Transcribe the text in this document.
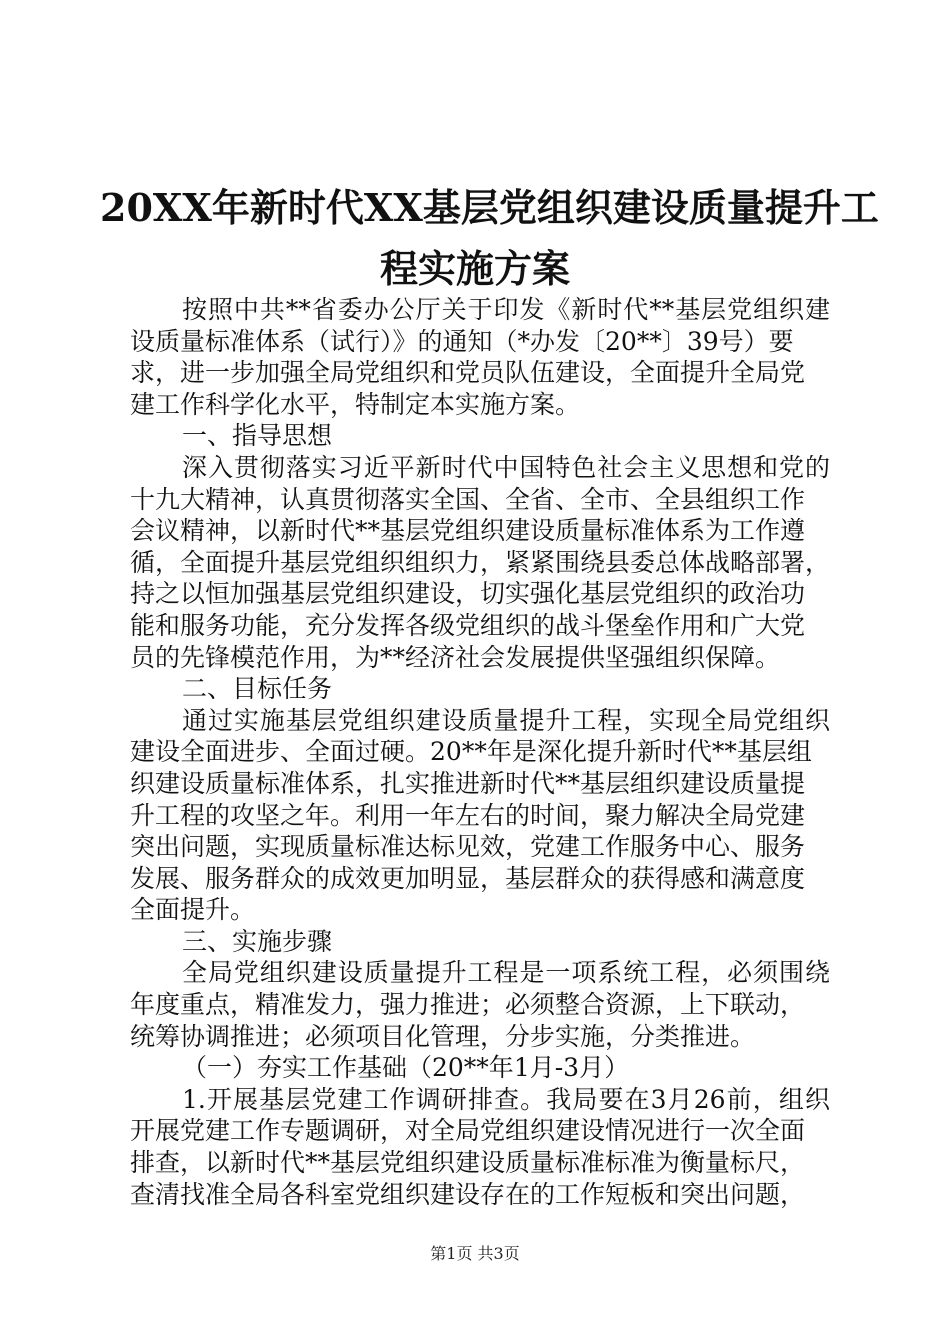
20XX年新时代XX基层党组织建设质量提升工
程实施方案
按照中共**省委办公厅关于印发《新时代**基层党组织建
设质量标准体系（试行）》的通知（*办发〔20**〕39号）要
求，进一步加强全局党组织和党员队伍建设，全面提升全局党
建工作科学化水平，特制定本实施方案。
一、指导思想
深入贯彻落实习近平新时代中国特色社会主义思想和党的
十九大精神，认真贯彻落实全国、全省、全市、全县组织工作
会议精神，以新时代**基层党组织建设质量标准体系为工作遵
循，全面提升基层党组织组织力，紧紧围绕县委总体战略部署，
持之以恒加强基层党组织建设，切实强化基层党组织的政治功
能和服务功能，充分发挥各级党组织的战斗堡垒作用和广大党
员的先锋模范作用，为**经济社会发展提供坚强组织保障。
二、目标任务
通过实施基层党组织建设质量提升工程，实现全局党组织
建设全面进步、全面过硬。20**年是深化提升新时代**基层组
织建设质量标准体系，扎实推进新时代**基层组织建设质量提
升工程的攻坚之年。利用一年左右的时间，聚力解决全局党建
突出问题，实现质量标准达标见效，党建工作服务中心、服务
发展、服务群众的成效更加明显，基层群众的获得感和满意度
全面提升。
三、实施步骤
全局党组织建设质量提升工程是一项系统工程，必须围绕
年度重点，精准发力，强力推进；必须整合资源，上下联动，
统筹协调推进；必须项目化管理，分步实施，分类推进。
（一）夯实工作基础（20**年1月-3月）
1.开展基层党建工作调研排查。我局要在3月26前，组织
开展党建工作专题调研，对全局党组织建设情况进行一次全面
排查，以新时代**基层党组织建设质量标准标准为衡量标尺，
查清找准全局各科室党组织建设存在的工作短板和突出问题，
第1页 共3页
